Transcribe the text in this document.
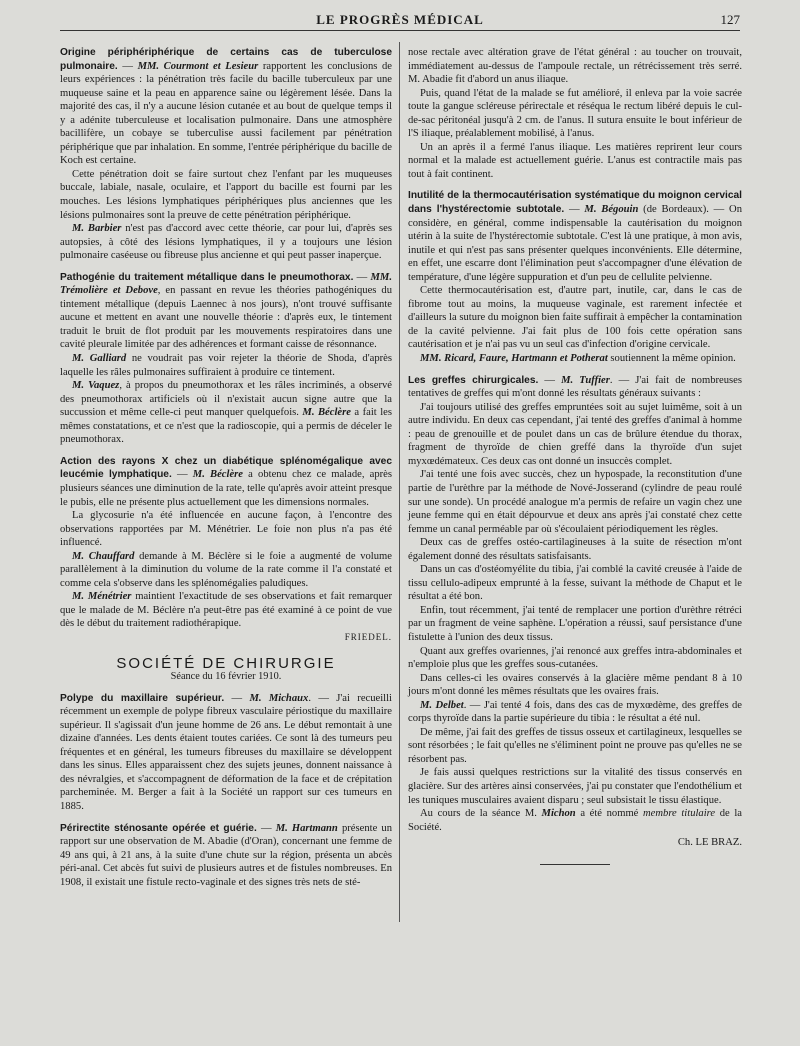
LE PROGRÈS MÉDICAL	127

Origine périphériphérique de certains cas de tuberculose pulmonaire. — MM. Courmont et Lesieur rapportent les conclusions de leurs expériences : la pénétration très facile du bacille tuberculeux par une muqueuse saine et la peau en apparence saine ou légèrement lésée. Dans la majorité des cas, il n'y a aucune lésion cutanée et au bout de quelque temps il y a adénite tuberculeuse et localisation pulmonaire. Dans une atmosphère bacillifère, un cobaye se tuberculise aussi facilement par pénétration périphérique que par inhalation. En somme, l'entrée périphérique du bacille de Koch est certaine.

Cette pénétration doit se faire surtout chez l'enfant par les muqueuses buccale, labiale, nasale, oculaire, et l'apport du bacille est fourni par les mouches. Les lésions lymphatiques périphériques plus anciennes que les lésions pulmonaires sont la preuve de cette pénétration périphérique.

M. Barbier n'est pas d'accord avec cette théorie, car pour lui, d'après ses autopsies, à côté des lésions lymphatiques, il y a toujours une lésion pulmonaire caséeuse ou fibreuse plus ancienne et qui peut passer inaperçue.

Pathogénie du traitement métallique dans le pneumothorax. — MM. Trémolière et Debove, en passant en revue les théories pathogéniques du tintement métallique (depuis Laennec à nos jours), n'ont trouvé suffisante aucune et mettent en avant une nouvelle théorie : d'après eux, le tintement traduit le bruit de flot produit par les mouvements respiratoires dans une cavité pleurale limitée par des adhérences et formant caisse de résonnance.

M. Galliard ne voudrait pas voir rejeter la théorie de Shoda, d'après laquelle les râles pulmonaires suffiraient à produire ce tintement.

M. Vaquez, à propos du pneumothorax et les râles incriminés, a observé des pneumothorax artificiels où il n'existait aucun signe autre que la succussion et même celle-ci peut manquer quelquefois. M. Béclère a fait les mêmes constatations, et ce n'est que la radioscopie, qui a permis de déceler le pneumothorax.

Action des rayons X chez un diabétique splénomégalique avec leucémie lymphatique. — M. Béclère a obtenu chez ce malade, après plusieurs séances une diminution de la rate, telle qu'après avoir atteint presque le pubis, elle ne présente plus actuellement que les dimensions normales.

La glycosurie n'a été influencée en aucune façon, à l'encontre des observations rapportées par M. Ménétrier. Le foie non plus n'a pas été influencé.

M. Chauffard demande à M. Béclère si le foie a augmenté de volume parallèlement à la diminution du volume de la rate comme il l'a constaté et comme cela s'observe dans les splénomégalies paludiques.

M. Ménétrier maintient l'exactitude de ses observations et fait remarquer que le malade de M. Béclère n'a peut-être pas été examiné à ce point de vue dès le début du traitement radiothérapique.

FRIEDEL.
SOCIÉTÉ DE CHIRURGIE
Séance du 16 février 1910.

Polype du maxillaire supérieur. — M. Michaux. — J'ai recueilli récemment un exemple de polype fibreux vasculaire périostique du maxillaire supérieur. Il s'agissait d'un jeune homme de 26 ans. Le début remontait à une dizaine d'années. Les dents étaient toutes cariées. Ce sont là des tumeurs peu fréquentes et en général, les tumeurs fibreuses du maxillaire se développent dans les sinus. Elles apparaissent chez des sujets jeunes, donnent naissance à des névralgies, et s'accompagnent de déformation de la face et de crépitation parcheminée. M. Berger a fait à la Société un rapport sur ces tumeurs en 1885.

Périrectite sténosante opérée et guérie. — M. Hartmann présente un rapport sur une observation de M. Abadie (d'Oran), concernant une femme de 49 ans qui, à 21 ans, à la suite d'une chute sur la région, présenta un abcès péri-anal. Cet abcès fut suivi de plusieurs autres et de fistules nombreuses. En 1908, il existait une fistule recto-vaginale et des signes très nets de sté-

nose rectale avec altération grave de l'état général : au toucher on trouvait, immédiatement au-dessus de l'ampoule rectale, un rétrécissement très serré. M. Abadie fit d'abord un anus iliaque.

Puis, quand l'état de la malade se fut amélioré, il enleva par la voie sacrée toute la gangue scléreuse périrectale et réséqua le rectum libéré depuis le cul-de-sac péritonéal jusqu'à 2 cm. de l'anus. Il sutura ensuite le bout inférieur de l'S iliaque, préalablement mobilisé, à l'anus.

Un an après il a fermé l'anus iliaque. Les matières reprirent leur cours normal et la malade est actuellement guérie. L'anus est contractile mais pas tout à fait continent.

Inutilité de la thermocautérisation systématique du moignon cervical dans l'hystérectomie subtotale. — M. Bégouin (de Bordeaux). — On considère, en général, comme indispensable la cautérisation du moignon utérin à la suite de l'hystérectomie subtotale. C'est là une pratique, à mon avis, inutile et qui n'est pas sans présenter quelques inconvénients. Elle détermine, en effet, une escarre dont l'élimination peut s'accompagner d'une élévation de température, d'une légère suppuration et d'un peu de cellulite pelvienne.

Cette thermocautérisation est, d'autre part, inutile, car, dans le cas de fibrome tout au moins, la muqueuse vaginale, est rarement infectée et d'ailleurs la suture du moignon bien faite suffirait à empêcher la contamination de la cavité pelvienne. J'ai fait plus de 100 fois cette opération sans cautérisation et je n'ai pas vu un seul cas d'infection d'origine cervicale.

MM. Ricard, Faure, Hartmann et Potherat soutiennent la même opinion.

Les greffes chirurgicales. — M. Tuffier. — J'ai fait de nombreuses tentatives de greffes qui m'ont donné les résultats généraux suivants :

J'ai toujours utilisé des greffes empruntées soit au sujet luimême, soit à un autre individu. En deux cas cependant, j'ai tenté des greffes d'animal à homme : peau de grenouille et de poulet dans un cas de brûlure étendue du thorax, fragment de thyroïde de chien greffé dans la thyroïde d'un sujet myxœdémateux. Ces deux cas ont donné un insuccès complet.

J'ai tenté une fois avec succès, chez un hypospade, la reconstitution d'une partie de l'urèthre par la méthode de Nové-Josserand (cylindre de peau roulé sur une sonde). Un procédé analogue m'a permis de refaire un vagin chez une jeune femme qui en était dépourvue et deux ans après j'ai constaté chez cette femme un canal perméable par où s'écoulaient périodiquement les règles.

Deux cas de greffes ostéo-cartilagineuses à la suite de résection m'ont également donné des résultats satisfaisants.

Dans un cas d'ostéomyélite du tibia, j'ai comblé la cavité creusée à l'aide de tissu cellulo-adipeux emprunté à la fesse, suivant la méthode de Chaput et le résultat a été bon.

Enfin, tout récemment, j'ai tenté de remplacer une portion d'urèthre rétréci par un fragment de veine saphène. L'opération a réussi, sauf persistance d'une fistulette à l'union des deux tissus.

Quant aux greffes ovariennes, j'ai renoncé aux greffes intra-abdominales et n'emploie plus que les greffes sous-cutanées.

Dans celles-ci les ovaires conservés à la glacière même pendant 8 à 10 jours m'ont donné les mêmes résultats que les ovaires frais.

M. Delbet. — J'ai tenté 4 fois, dans des cas de myxœdème, des greffes de corps thyroïde dans la partie supérieure du tibia : le résultat a été nul.

De même, j'ai fait des greffes de tissus osseux et cartilagineux, lesquelles se sont résorbées ; le fait qu'elles ne s'éliminent point ne prouve pas qu'elles ne se résorbent pas.

Je fais aussi quelques restrictions sur la vitalité des tissus conservés en glacière. Sur des artères ainsi conservées, j'ai pu constater que l'endothélium et les tuniques musculaires avaient disparu ; seul subsistait le tissu élastique.

Au cours de la séance M. Michon a été nommé membre titulaire de la Société.

Ch. LE BRAZ.
